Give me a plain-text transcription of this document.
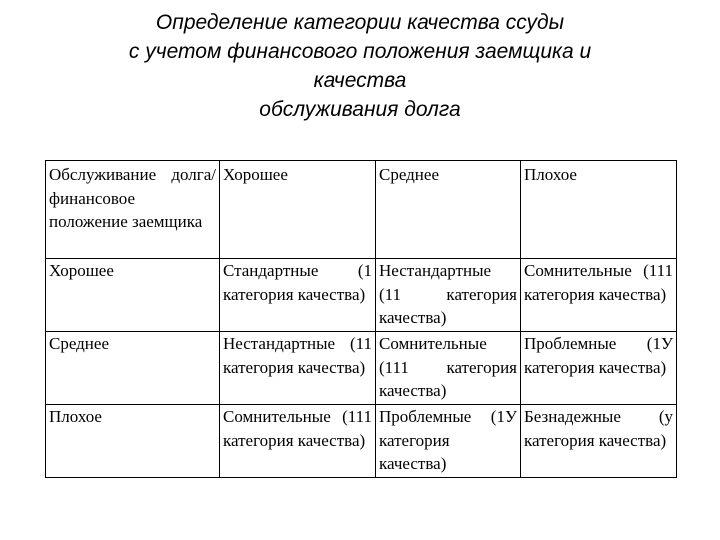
Определение категории качества ссуды
с учетом финансового положения заемщика и
качества
обслуживания долга
Обслуживание долга/финансовое положение заемщика	Хорошее	Среднее	Плохое
Хорошее	Стандартные (1 категория качества)	Нестандартные (11 категория качества)	Сомнительные (111 категория качества)
Среднее	Нестандартные (11 категория качества)	Сомнительные (111 категория качества)	Проблемные (1У категория качества)
Плохое	Сомнительные (111 категория качества)	Проблемные (1У категория качества)	Безнадежные (у категория качества)
